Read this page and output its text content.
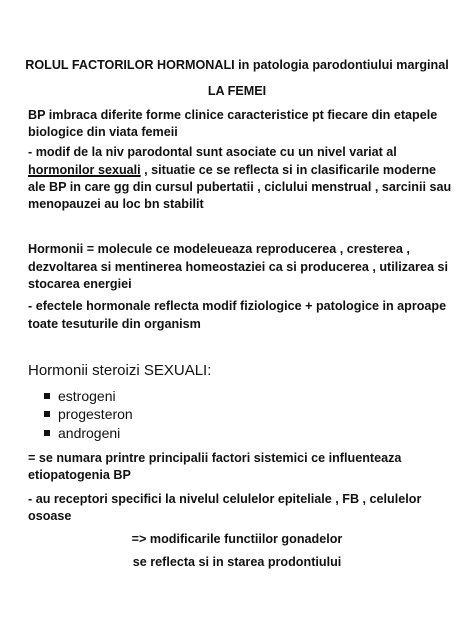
ROLUL FACTORILOR HORMONALI in patologia parodontiului marginal
LA FEMEI
BP imbraca diferite forme clinice caracteristice pt fiecare din etapele
biologice din viata femeii
- modif de la niv parodontal sunt asociate cu un nivel variat al
hormonilor sexuali , situatie ce se reflecta si in clasificarile moderne
ale BP in care gg din cursul pubertatii , ciclului menstrual , sarcinii sau
menopauzei au loc bn stabilit
Hormonii = molecule ce modeleueaza reproducerea , cresterea ,
dezvoltarea si mentinerea homeostaziei ca si producerea , utilizarea si
stocarea energiei
- efectele hormonale reflecta modif fiziologice + patologice in aproape
toate tesuturile din organism
Hormonii steroizi SEXUALI:
estrogeni
progesteron
androgeni
= se numara printre principalii factori sistemici ce influenteaza
etiopatogenia BP
- au receptori specifici la nivelul celulelor epiteliale , FB , celulelor
osoase
=> modificarile functiilor gonadelor
se reflecta si in starea prodontiului
